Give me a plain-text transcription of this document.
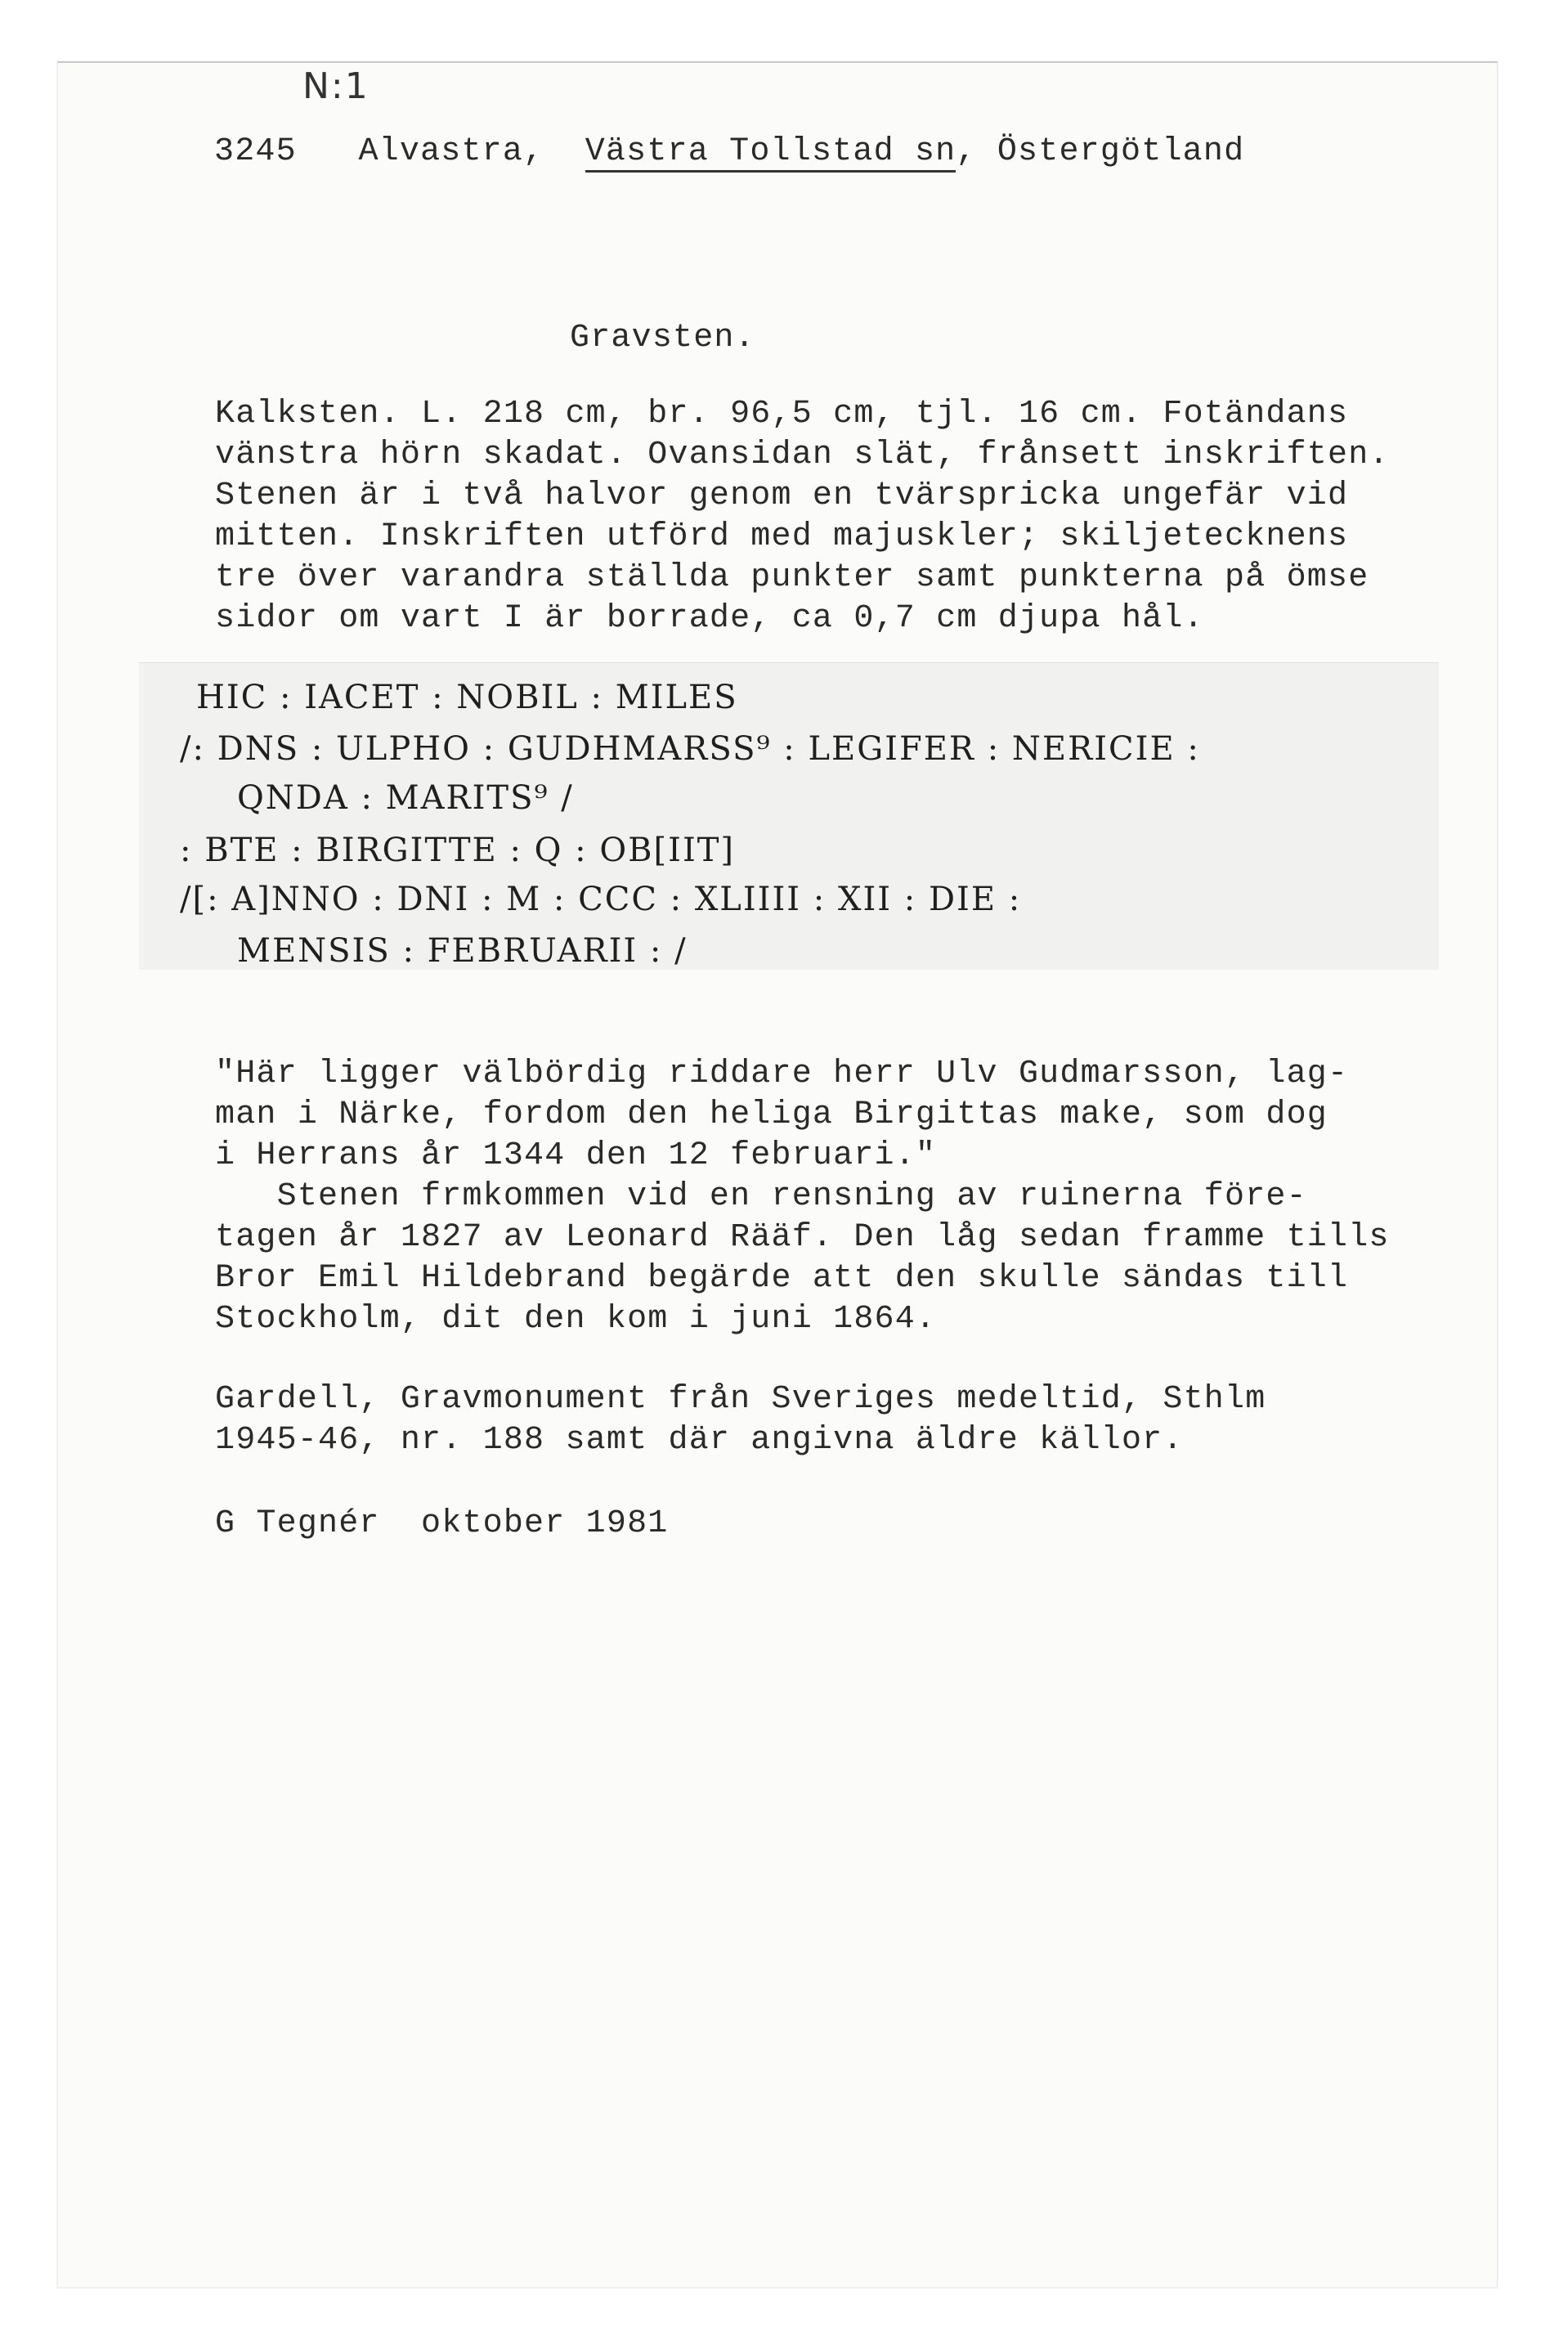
N:1
3245 Alvastra, Västra Tollstad sn, Östergötland
Gravsten.
Kalksten. L. 218 cm, br. 96,5 cm, tjl. 16 cm. Fotändans
vänstra hörn skadat. Ovansidan slät, frånsett inskriften.
Stenen är i två halvor genom en tvärspricka ungefär vid
mitten. Inskriften utförd med majuskler; skiljetecknens
tre över varandra ställda punkter samt punkterna på ömse
sidor om vart I är borrade, ca 0,7 cm djupa hål.
HIC : IACET : NOBIL : MILES
/: DNS : ULPHO : GUDHMARSS⁹ : LEGIFER : NERICIE :
QNDA : MARITS⁹ /
: BTE : BIRGITTE : Q : OB[IIT]
/[: A]NNO : DNI : M : CCC : XLIIII : XII : DIE :
MENSIS : FEBRUARII : /
"Här ligger välbördig riddare herr Ulv Gudmarsson, lag-
man i Närke, fordom den heliga Birgittas make, som dog
i Herrans år 1344 den 12 februari."
Stenen frmkommen vid en rensning av ruinerna före-
tagen år 1827 av Leonard Rääf. Den låg sedan framme tills
Bror Emil Hildebrand begärde att den skulle sändas till
Stockholm, dit den kom i juni 1864.
Gardell, Gravmonument från Sveriges medeltid, Sthlm
1945-46, nr. 188 samt där angivna äldre källor.
G Tegnér  oktober 1981
